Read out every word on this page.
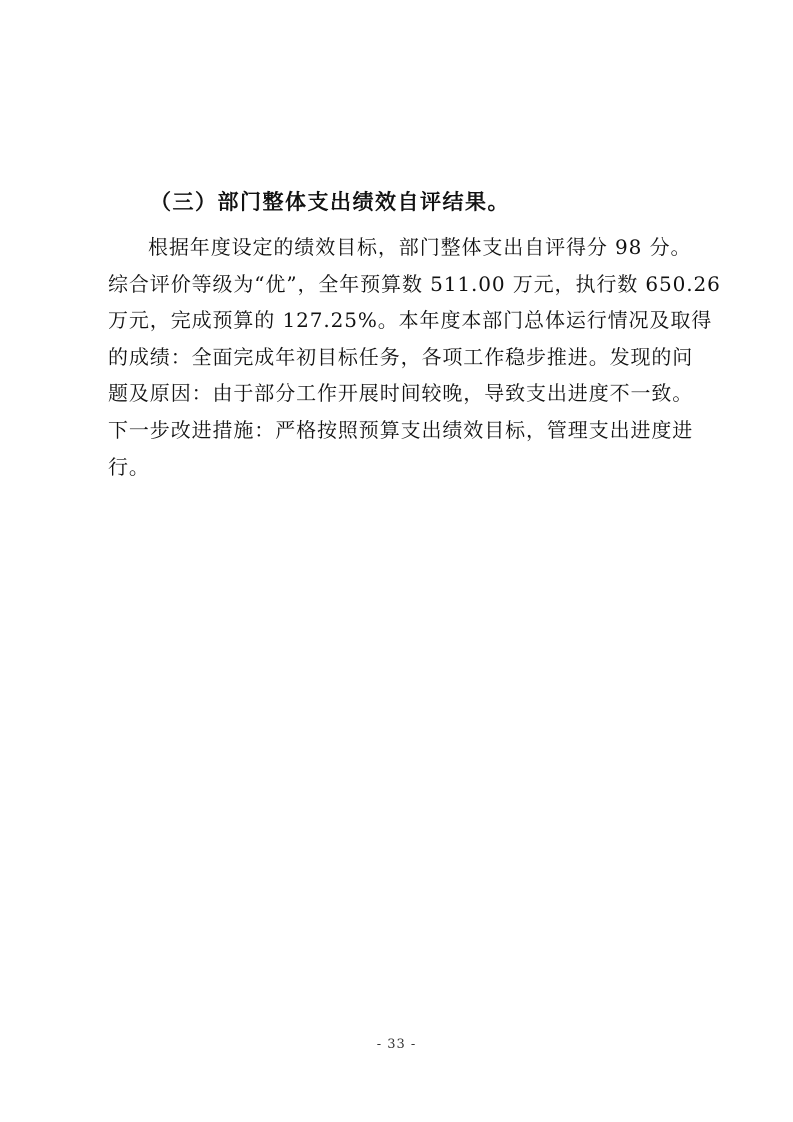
（三）部门整体支出绩效自评结果。
根据年度设定的绩效目标，部门整体支出自评得分 98 分。
综合评价等级为“优”，全年预算数 511.00 万元，执行数 650.26
万元，完成预算的 127.25%。本年度本部门总体运行情况及取得
的成绩：全面完成年初目标任务，各项工作稳步推进。发现的问
题及原因：由于部分工作开展时间较晚，导致支出进度不一致。
下一步改进措施：严格按照预算支出绩效目标，管理支出进度进
行。
- 33 -
